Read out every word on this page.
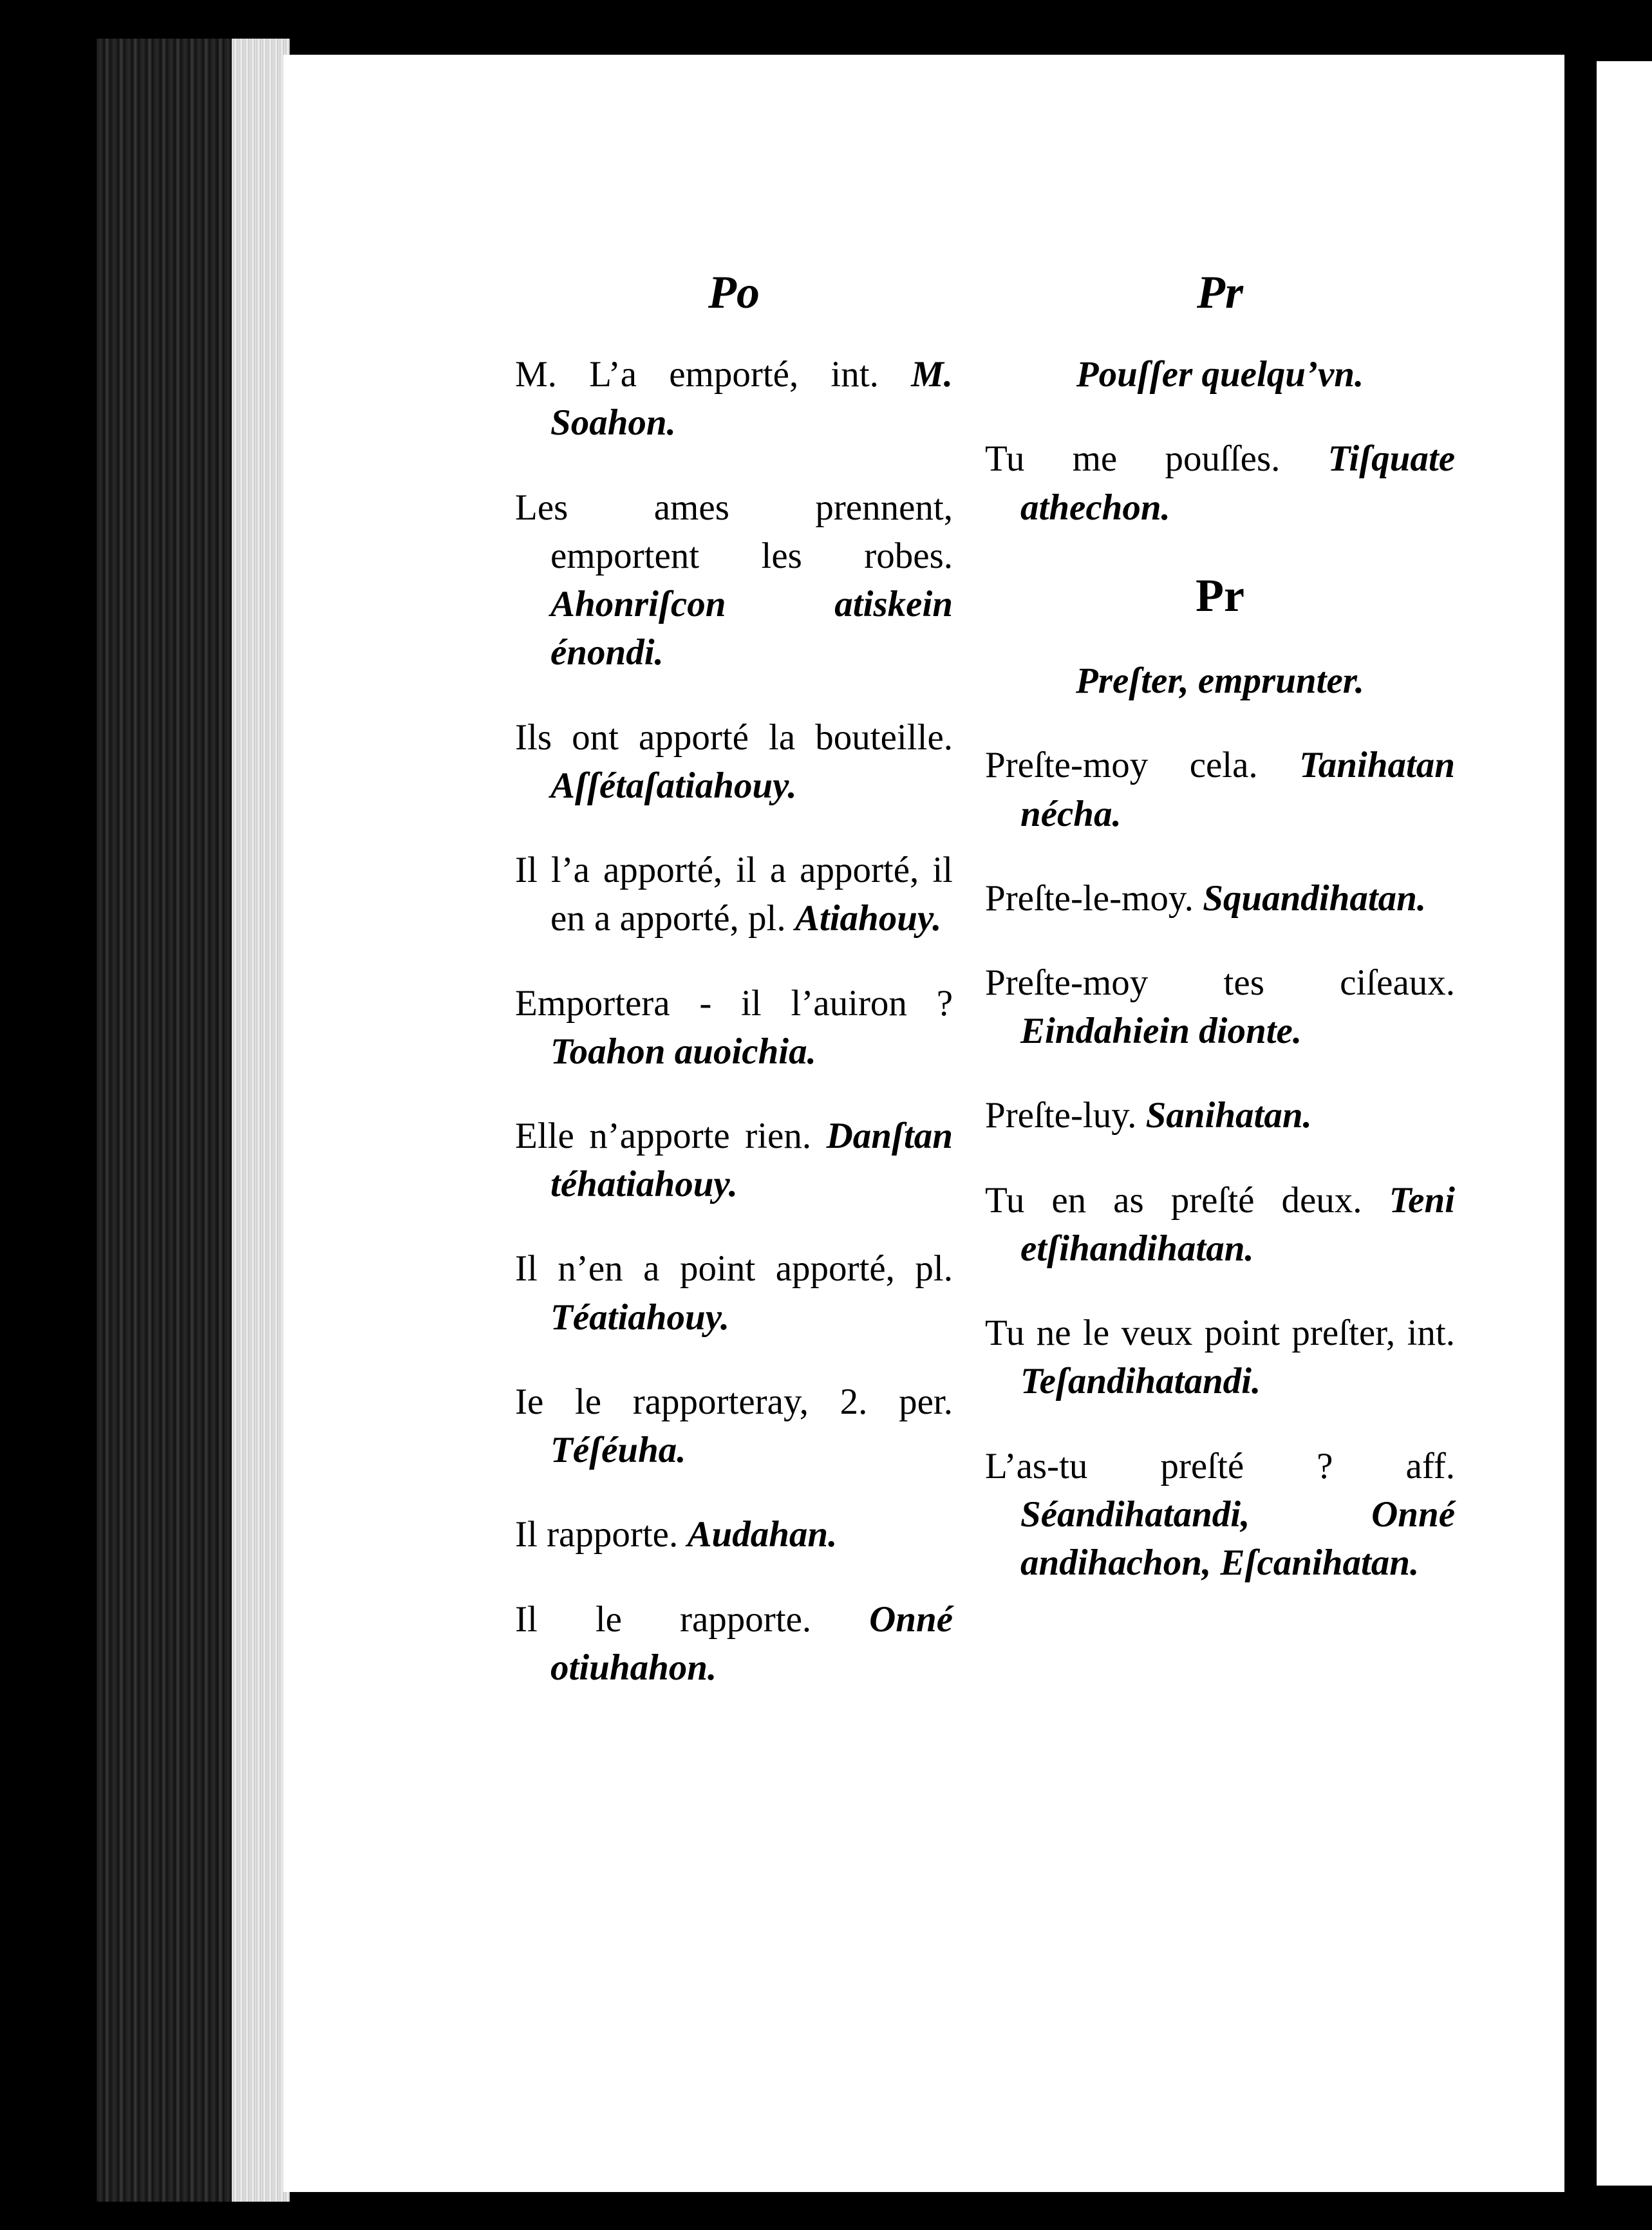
Po

M. L’a emporté, int. M. Soahon.

Les ames prennent, emportent les robes. Ahonriſcon atiskein énondi.

Ils ont apporté la bouteille. Aſſétaſatiahouy.

Il l’a apporté, il a apporté, il en a apporté, pl. Atiahouy.

Emportera - il l’auiron ? Toahon auoichia.

Elle n’apporte rien. Danſtan téhatiahouy.

Il n’en a point apporté, pl. Téatiahouy.

Ie le rapporteray, 2. per. Téſéuha.

Il rapporte. Audahan.

Il le rapporte. Onné otiuhahon.

Pr

Pouſſer quelqu’vn.

Tu me pouſſes. Tiſquate athechon.

Pr

Preſter, emprunter.

Preſte-moy cela. Tanihatan nécha.

Preſte-le-moy. Squandihatan.

Preſte-moy tes ciſeaux. Eindahiein dionte.

Preſte-luy. Sanihatan.

Tu en as preſté deux. Teni etſihandihatan.

Tu ne le veux point preſter, int. Teſandihatandi.

L’as-tu preſté ? aff. Séandihatandi, Onné andihachon, Eſcanihatan.
